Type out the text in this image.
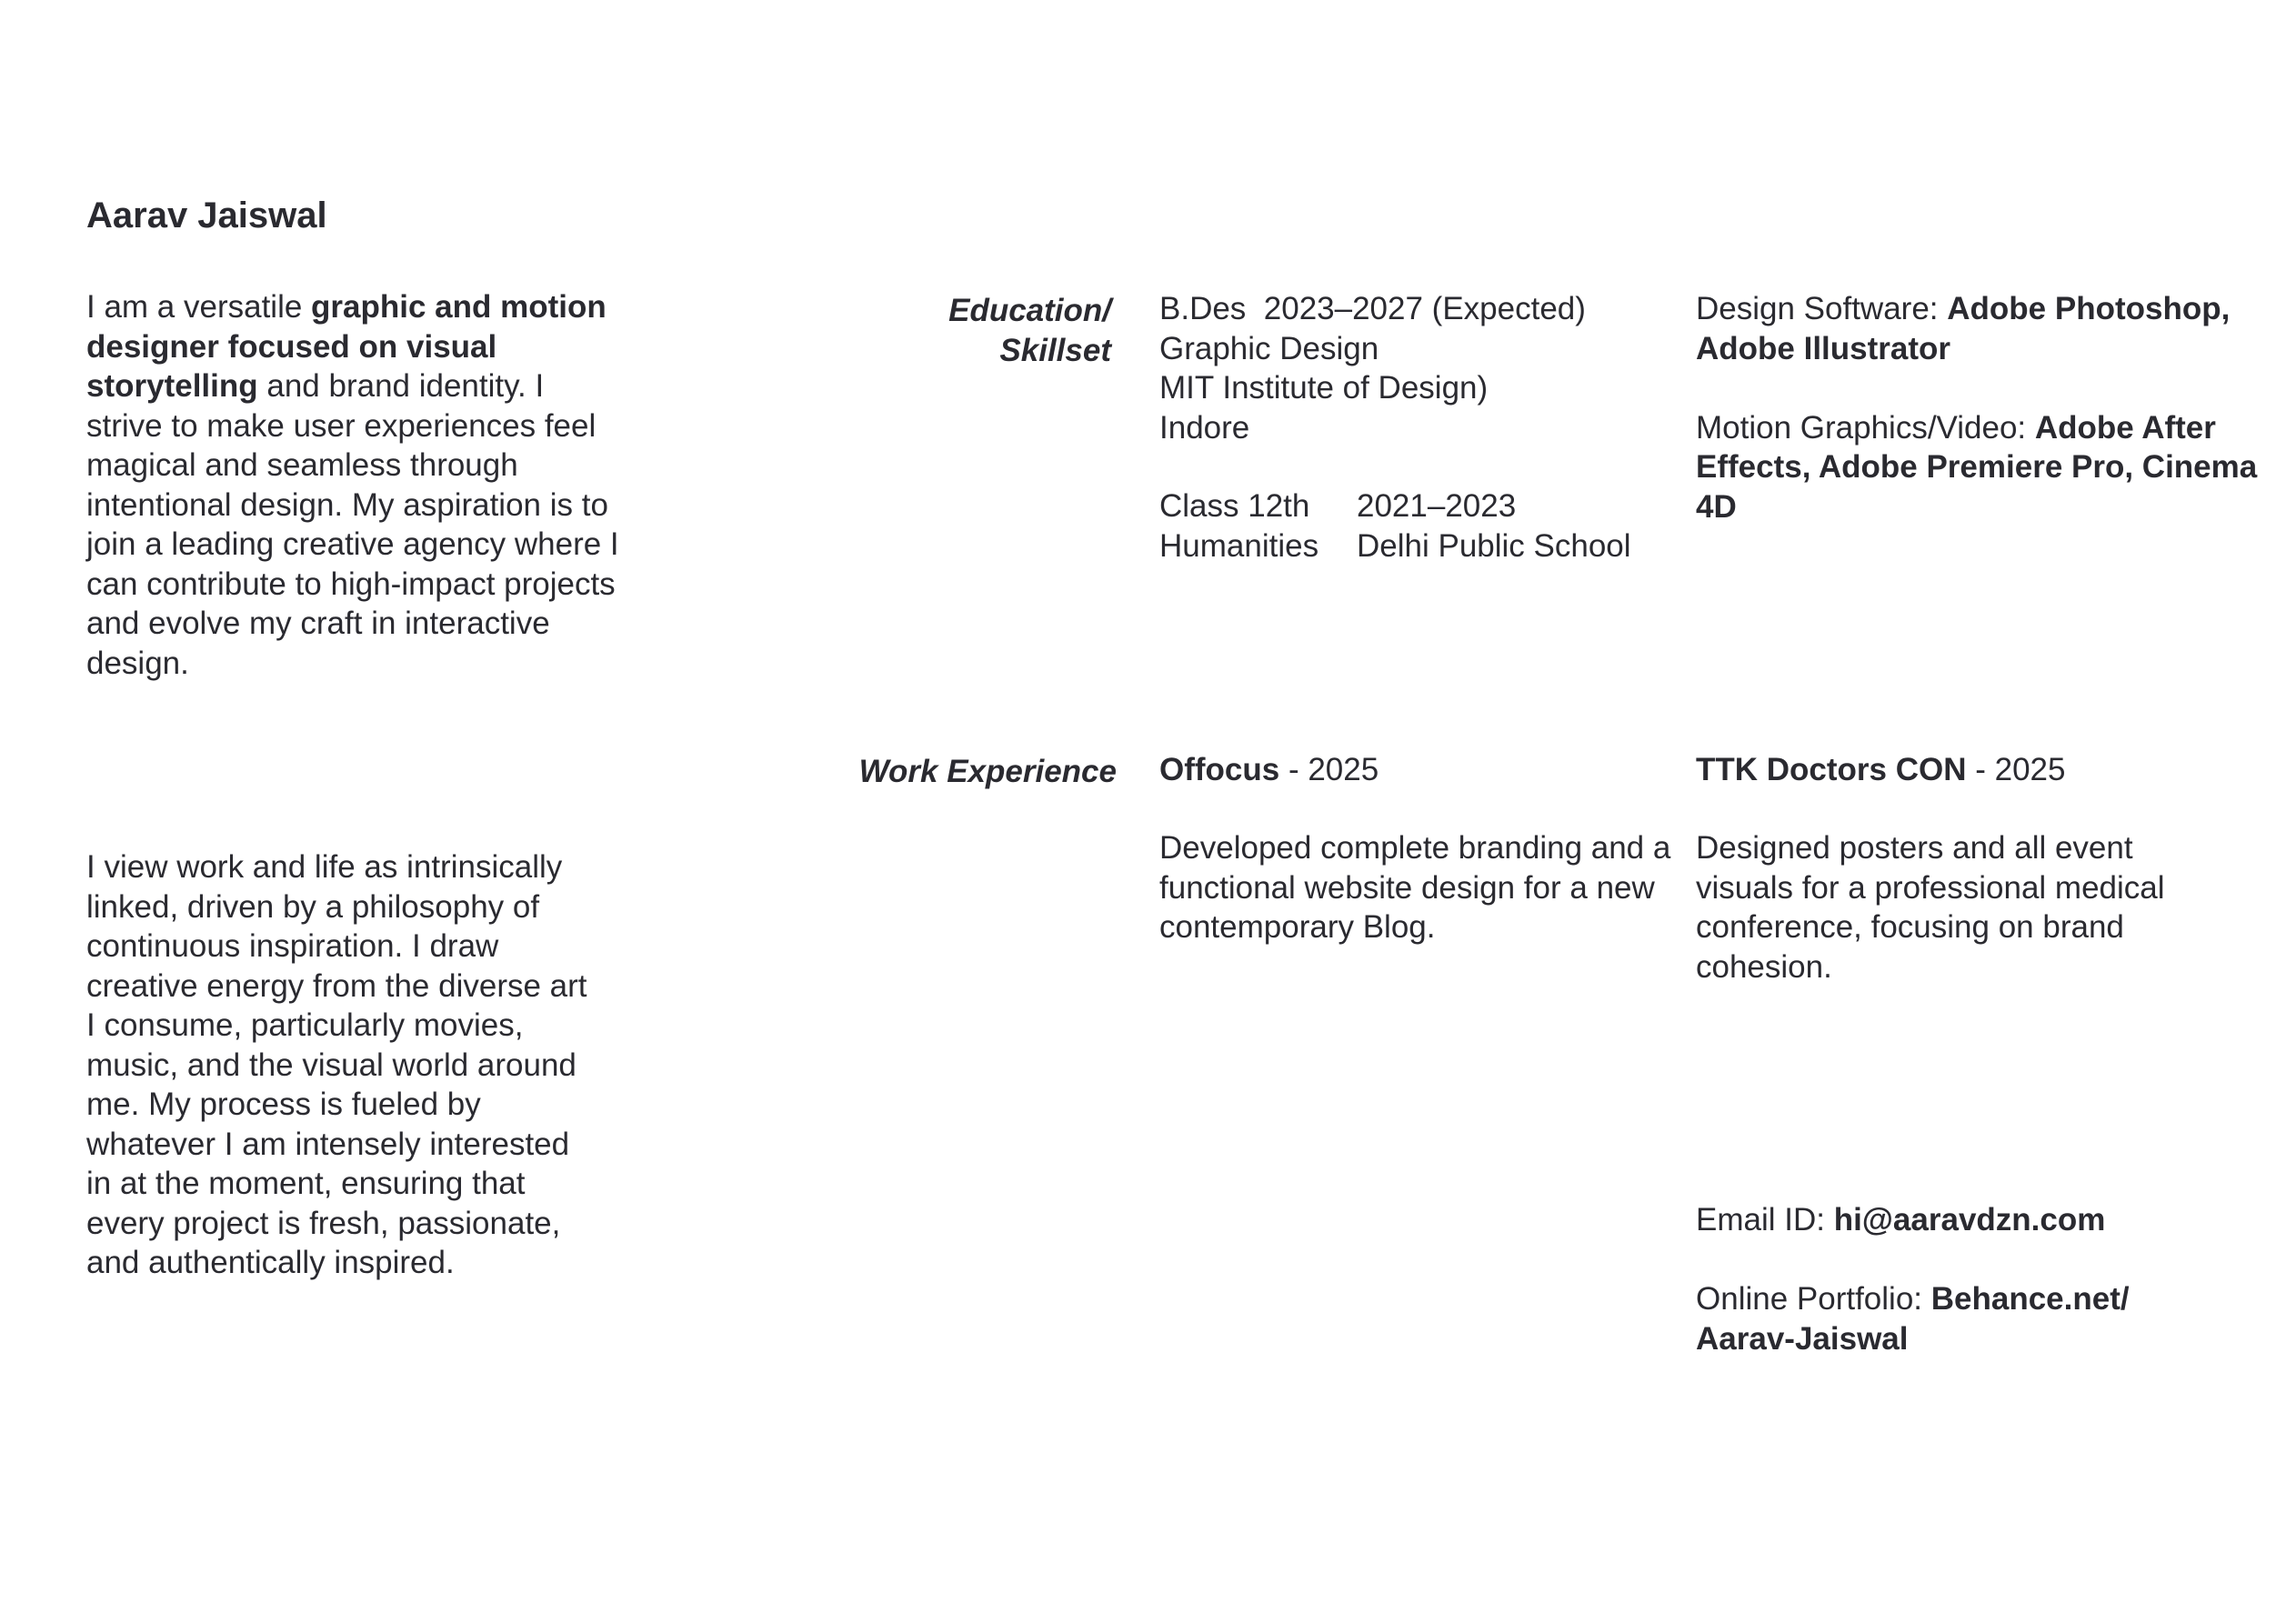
Aarav Jaiswal
I am a versatile graphic and motion designer focused on visual storytelling and brand identity. I strive to make user experiences feel magical and seamless through intentional design. My aspiration is to join a leading creative agency where I can contribute to high-impact projects and evolve my craft in interactive design.
I view work and life as intrinsically linked, driven by a philosophy of continuous inspiration. I draw creative energy from the diverse art I consume, particularly movies, music, and the visual world around me. My process is fueled by whatever I am intensely interested in at the moment, ensuring that every project is fresh, passionate, and authentically inspired.
Education/
Skillset
B.Des 2023–2027 (Expected)
Graphic Design
MIT Institute of Design)
Indore
Class 12th	2021–2023
Humanities	Delhi Public School
Design Software: Adobe Photoshop, Adobe Illustrator
Motion Graphics/Video: Adobe After Effects, Adobe Premiere Pro, Cinema 4D
Work Experience Offocus - 2025
Developed complete branding and a functional website design for a new contemporary Blog.
TTK Doctors CON - 2025
Designed posters and all event visuals for a professional medical conference, focusing on brand cohesion.
Email ID: hi@aaravdzn.com
Online Portfolio: Behance.net/ Aarav-Jaiswal
